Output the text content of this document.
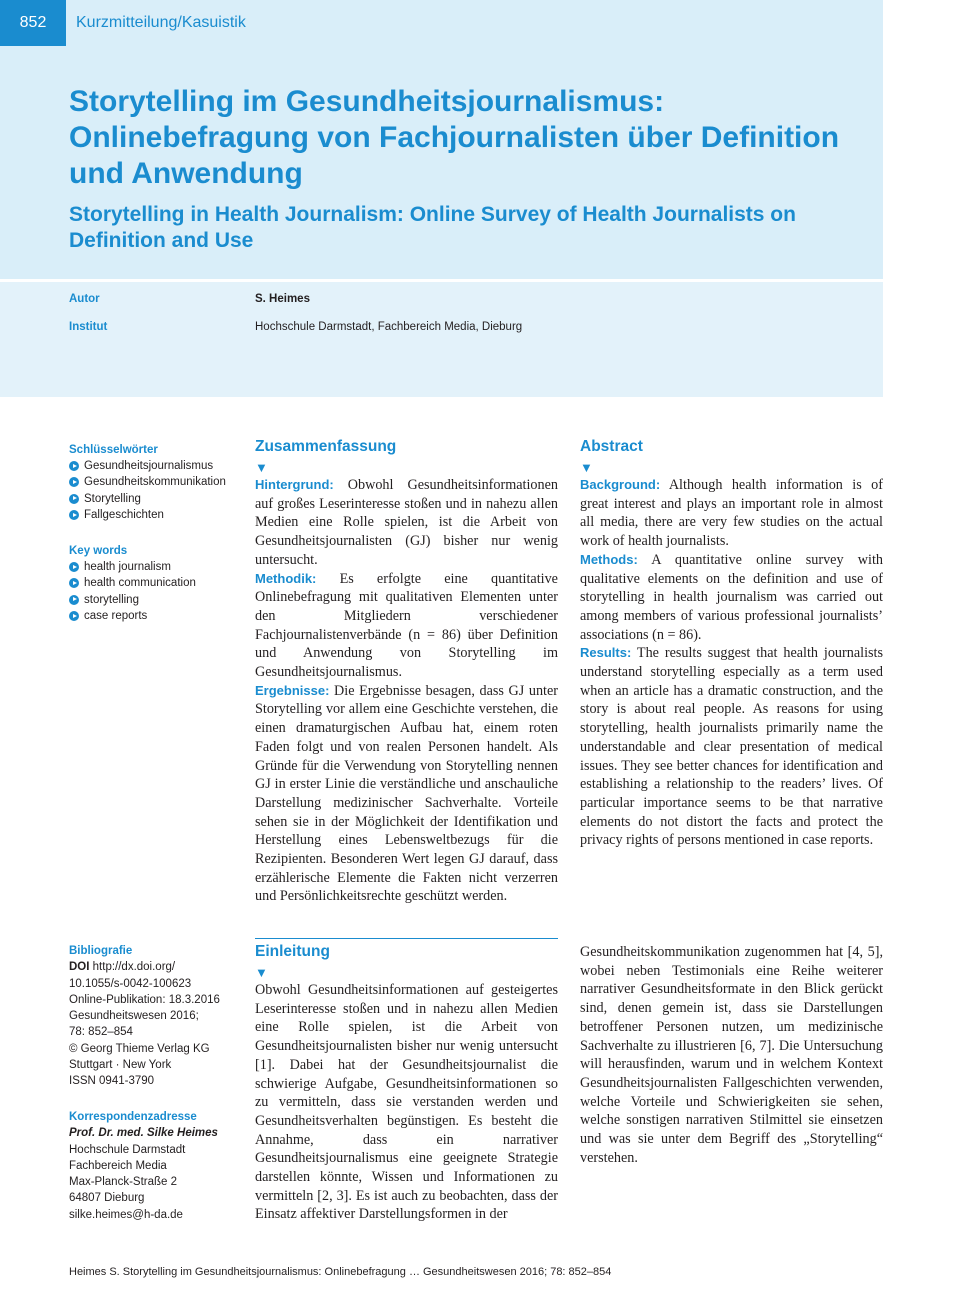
852	Kurzmitteilung/Kasuistik
Storytelling im Gesundheitsjournalismus: Onlinebefragung von Fachjournalisten über Definition und Anwendung
Storytelling in Health Journalism: Online Survey of Health Journalists on Definition and Use
Autor	S. Heimes
Institut	Hochschule Darmstadt, Fachbereich Media, Dieburg
Schlüsselwörter
Gesundheitsjournalismus
Gesundheitskommunikation
Storytelling
Fallgeschichten
Key words
health journalism
health communication
storytelling
case reports
Zusammenfassung
▼

Hintergrund: Obwohl Gesundheitsinformationen auf großes Leserinteresse stoßen und in nahezu allen Medien eine Rolle spielen, ist die Arbeit von Gesundheitsjournalisten (GJ) bisher nur wenig untersucht.
Methodik: Es erfolgte eine quantitative Onlinebefragung mit qualitativen Elementen unter den Mitgliedern verschiedener Fachjournalistenverbände (n = 86) über Definition und Anwendung von Storytelling im Gesundheitsjournalismus.
Ergebnisse: Die Ergebnisse besagen, dass GJ unter Storytelling vor allem eine Geschichte verstehen, die einen dramaturgischen Aufbau hat, einem roten Faden folgt und von realen Personen handelt. Als Gründe für die Verwendung von Storytelling nennen GJ in erster Linie die verständliche und anschauliche Darstellung medizinischer Sachverhalte. Vorteile sehen sie in der Möglichkeit der Identifikation und Herstellung eines Lebensweltbezugs für die Rezipienten. Besonderen Wert legen GJ darauf, dass erzählerische Elemente die Fakten nicht verzerren und Persönlichkeitsrechte geschützt werden.

Abstract
▼

Background: Although health information is of great interest and plays an important role in almost all media, there are very few studies on the actual work of health journalists.
Methods: A quantitative online survey with qualitative elements on the definition and use of storytelling in health journalism was carried out among members of various professional journalists’ associations (n = 86).
Results: The results suggest that health journalists understand storytelling especially as a term used when an article has a dramatic construction, and the story is about real people. As reasons for using storytelling, health journalists primarily name the understandable and clear presentation of medical issues. They see better chances for identification and establishing a relationship to the readers’ lives. Of particular importance seems to be that narrative elements do not distort the facts and protect the privacy rights of persons mentioned in case reports.

Bibliografie
DOI http://dx.doi.org/
10.1055/s-0042-100623
Online-Publikation: 18.3.2016
Gesundheitswesen 2016;
78: 852–854
© Georg Thieme Verlag KG
Stuttgart · New York
ISSN 0941-3790
Korrespondenzadresse
Prof. Dr. med. Silke Heimes
Hochschule Darmstadt
Fachbereich Media
Max-Planck-Straße 2
64807 Dieburg
silke.heimes@h-da.de
Einleitung
▼

Obwohl Gesundheitsinformationen auf gesteigertes Leserinteresse stoßen und in nahezu allen Medien eine Rolle spielen, ist die Arbeit von Gesundheitsjournalisten bisher nur wenig untersucht [1]. Dabei hat der Gesundheitsjournalist die schwierige Aufgabe, Gesundheitsinformationen so zu vermitteln, dass sie verstanden werden und Gesundheitsverhalten begünstigen. Es besteht die Annahme, dass ein narrativer Gesundheitsjournalismus eine geeignete Strategie darstellen könnte, Wissen und Informationen zu vermitteln [2, 3]. Es ist auch zu beobachten, dass der Einsatz affektiver Darstellungsformen in der

Gesundheitskommunikation zugenommen hat [4, 5], wobei neben Testimonials eine Reihe weiterer narrativer Gesundheitsformate in den Blick gerückt sind, denen gemein ist, dass sie Darstellungen betroffener Personen nutzen, um medizinische Sachverhalte zu illustrieren [6, 7]. Die Untersuchung will herausfinden, warum und in welchem Kontext Gesundheitsjournalisten Fallgeschichten verwenden, welche Vorteile und Schwierigkeiten sie sehen, welche sonstigen narrativen Stilmittel sie einsetzen und was sie unter dem Begriff des „Storytelling“ verstehen.

Heimes S. Storytelling im Gesundheitsjournalismus: Onlinebefragung … Gesundheitswesen 2016; 78: 852–854
